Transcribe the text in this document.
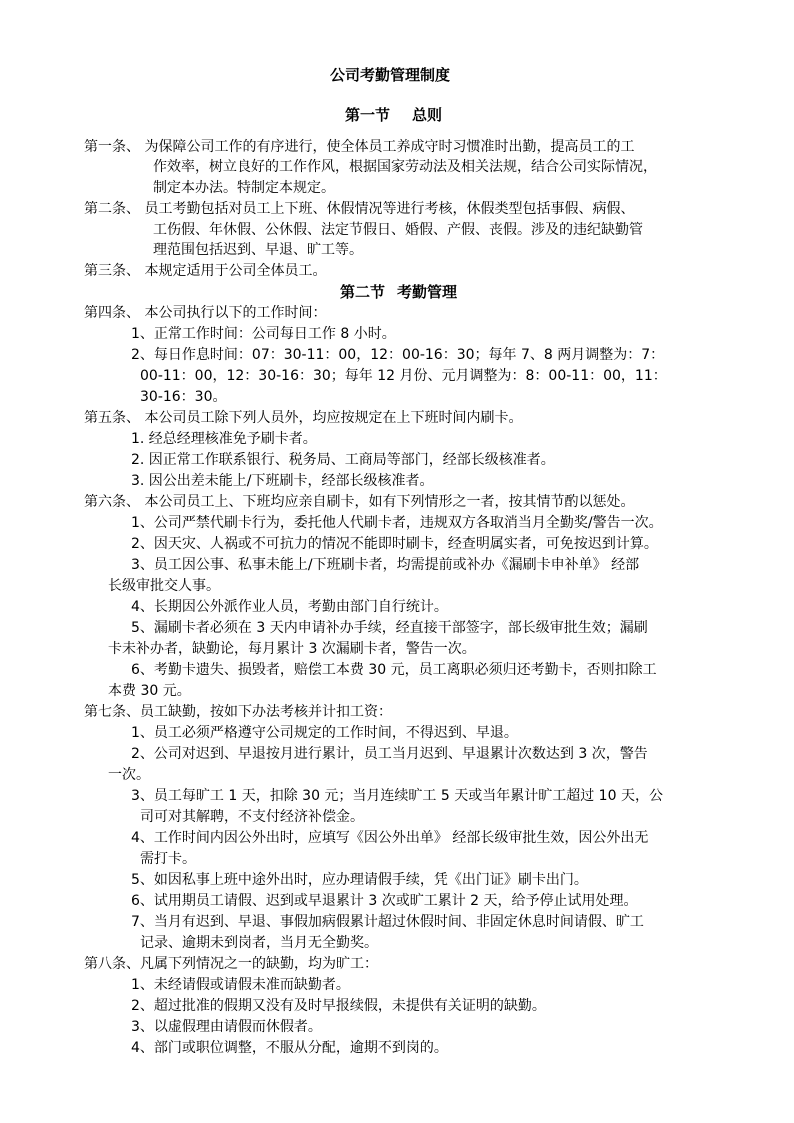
公司考勤管理制度
第一节 总则
第一条、 为保障公司工作的有序进行，使全体员工养成守时习惯准时出勤，提高员工的工
作效率，树立良好的工作作风，根据国家劳动法及相关法规，结合公司实际情况，
制定本办法。特制定本规定。
第二条、 员工考勤包括对员工上下班、休假情况等进行考核，休假类型包括事假、病假、
工伤假、年休假、公休假、法定节假日、婚假、产假、丧假。涉及的违纪缺勤管
理范围包括迟到、早退、旷工等。
第三条、 本规定适用于公司全体员工。
第二节 考勤管理
第四条、 本公司执行以下的工作时间：
1、正常工作时间：公司每日工作 8 小时。
2、每日作息时间：07：30-11：00，12：00-16：30；每年 7、8 两月调整为：7：
00-11：00，12：30-16：30；每年 12 月份、元月调整为：8：00-11：00，11：
30-16：30。
第五条、 本公司员工除下列人员外，均应按规定在上下班时间内刷卡。
1. 经总经理核准免予刷卡者。
2. 因正常工作联系银行、税务局、工商局等部门，经部长级核准者。
3. 因公出差未能上/下班刷卡，经部长级核准者。
第六条、 本公司员工上、下班均应亲自刷卡，如有下列情形之一者，按其情节酌以惩处。
1、公司严禁代刷卡行为，委托他人代刷卡者，违规双方各取消当月全勤奖/警告一次。
2、因天灾、人祸或不可抗力的情况不能即时刷卡，经查明属实者，可免按迟到计算。
3、员工因公事、私事未能上/下班刷卡者，均需提前或补办《漏刷卡申补单》 经部
长级审批交人事。
4、长期因公外派作业人员，考勤由部门自行统计。
5、漏刷卡者必须在 3 天内申请补办手续，经直接干部签字，部长级审批生效；漏刷
卡未补办者，缺勤论，每月累计 3 次漏刷卡者，警告一次。
6、考勤卡遗失、损毁者，赔偿工本费 30 元，员工离职必须归还考勤卡，否则扣除工
本费 30 元。
第七条、员工缺勤，按如下办法考核并计扣工资：
1、员工必须严格遵守公司规定的工作时间，不得迟到、早退。
2、公司对迟到、早退按月进行累计，员工当月迟到、早退累计次数达到 3 次，警告
一次。
3、员工每旷工 1 天，扣除 30 元；当月连续旷工 5 天或当年累计旷工超过 10 天，公
司可对其解聘，不支付经济补偿金。
4、工作时间内因公外出时，应填写《因公外出单》 经部长级审批生效，因公外出无
需打卡。
5、如因私事上班中途外出时，应办理请假手续，凭《出门证》刷卡出门。
6、试用期员工请假、迟到或早退累计 3 次或旷工累计 2 天，给予停止试用处理。
7、当月有迟到、早退、事假加病假累计超过休假时间、非固定休息时间请假、旷工
记录、逾期未到岗者，当月无全勤奖。
第八条、凡属下列情况之一的缺勤，均为旷工：
1、未经请假或请假未准而缺勤者。
2、超过批准的假期又没有及时早报续假，未提供有关证明的缺勤。
3、以虚假理由请假而休假者。
4、部门或职位调整，不服从分配，逾期不到岗的。
